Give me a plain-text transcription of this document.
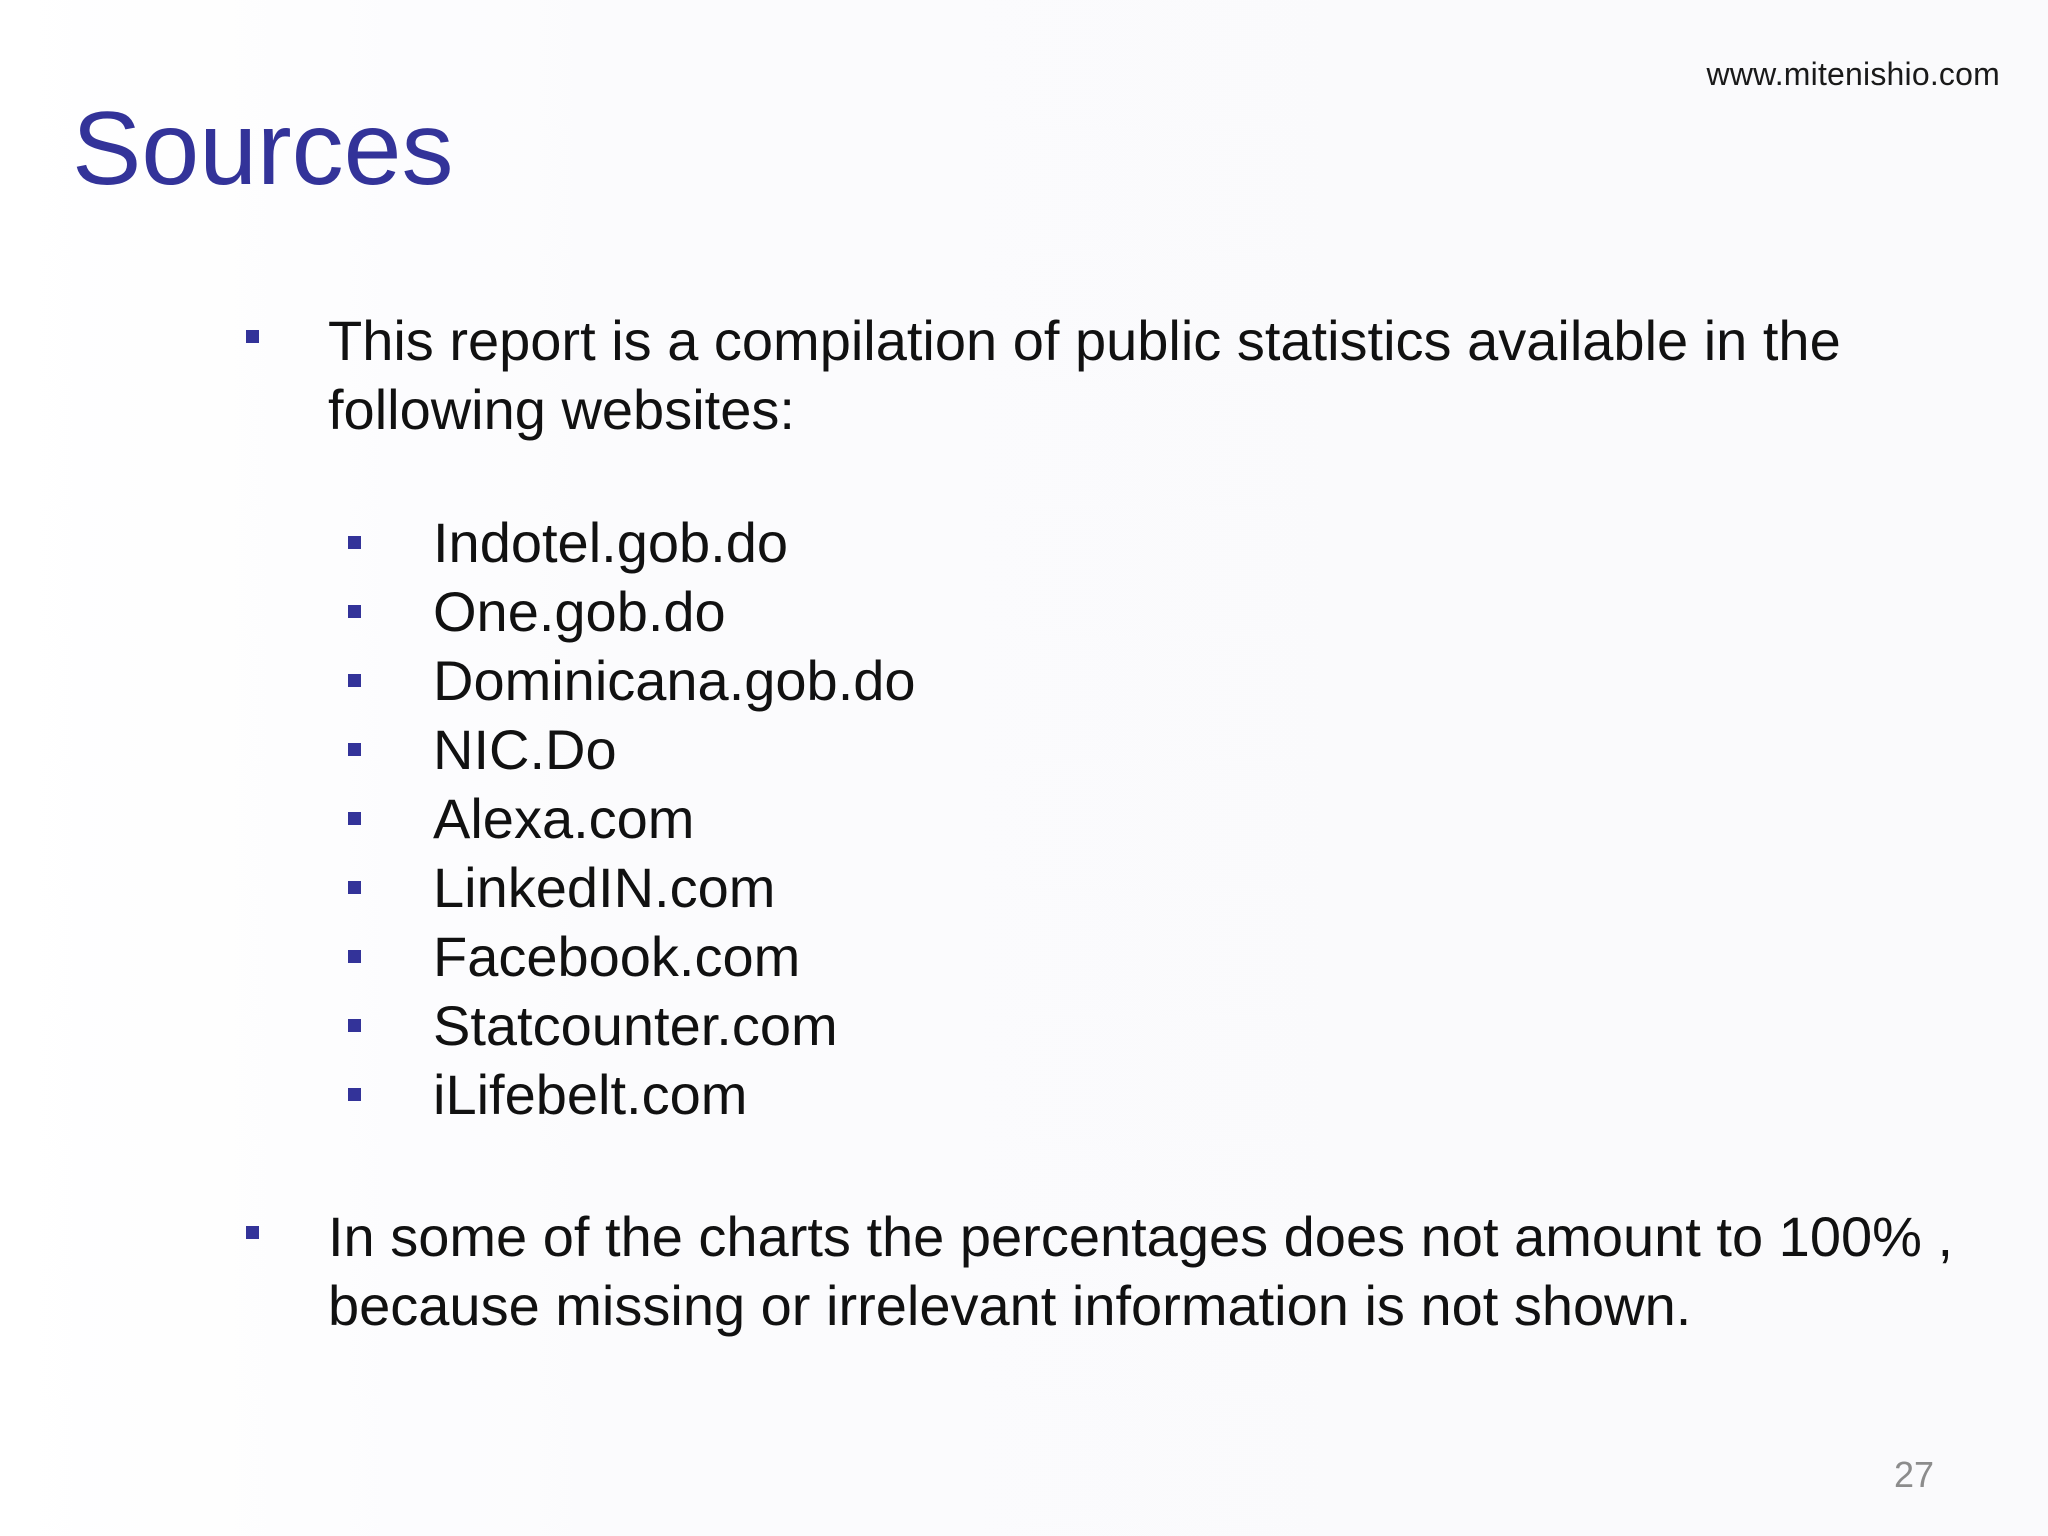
www.mitenishio.com
Sources
This report is a compilation of public statistics available in the following websites:
Indotel.gob.do
One.gob.do
Dominicana.gob.do
NIC.Do
Alexa.com
LinkedIN.com
Facebook.com
Statcounter.com
iLifebelt.com
In some of the charts the percentages does not amount to 100% , because missing or irrelevant information is not shown.
27
